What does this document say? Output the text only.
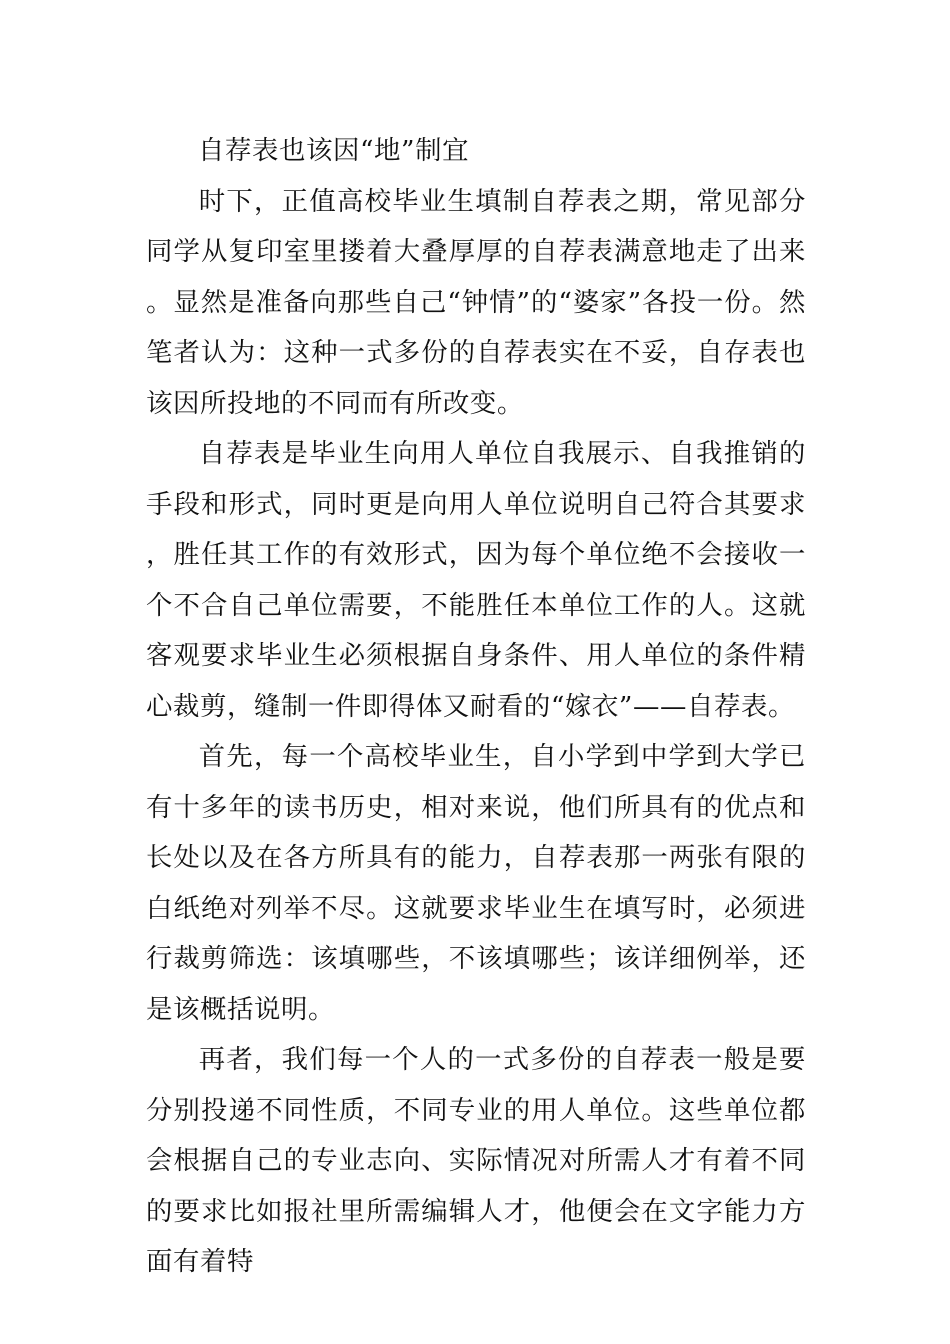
自荐表也该因“地”制宜

时下，正值高校毕业生填制自荐表之期，常见部分同学从复印室里搂着大叠厚厚的自荐表满意地走了出来。显然是准备向那些自己“钟情”的“婆家”各投一份。然笔者认为：这种一式多份的自荐表实在不妥，自存表也该因所投地的不同而有所改变。

自荐表是毕业生向用人单位自我展示、自我推销的手段和形式，同时更是向用人单位说明自己符合其要求，胜任其工作的有效形式，因为每个单位绝不会接收一个不合自己单位需要，不能胜任本单位工作的人。这就客观要求毕业生必须根据自身条件、用人单位的条件精心裁剪，缝制一件即得体又耐看的“嫁衣”——自荐表。

首先，每一个高校毕业生，自小学到中学到大学已有十多年的读书历史，相对来说，他们所具有的优点和长处以及在各方所具有的能力，自荐表那一两张有限的白纸绝对列举不尽。这就要求毕业生在填写时，必须进行裁剪筛选：该填哪些，不该填哪些；该详细例举，还是该概括说明。

再者，我们每一个人的一式多份的自荐表一般是要分别投递不同性质，不同专业的用人单位。这些单位都会根据自己的专业志向、实际情况对所需人才有着不同的要求比如报社里所需编辑人才，他便会在文字能力方面有着特
